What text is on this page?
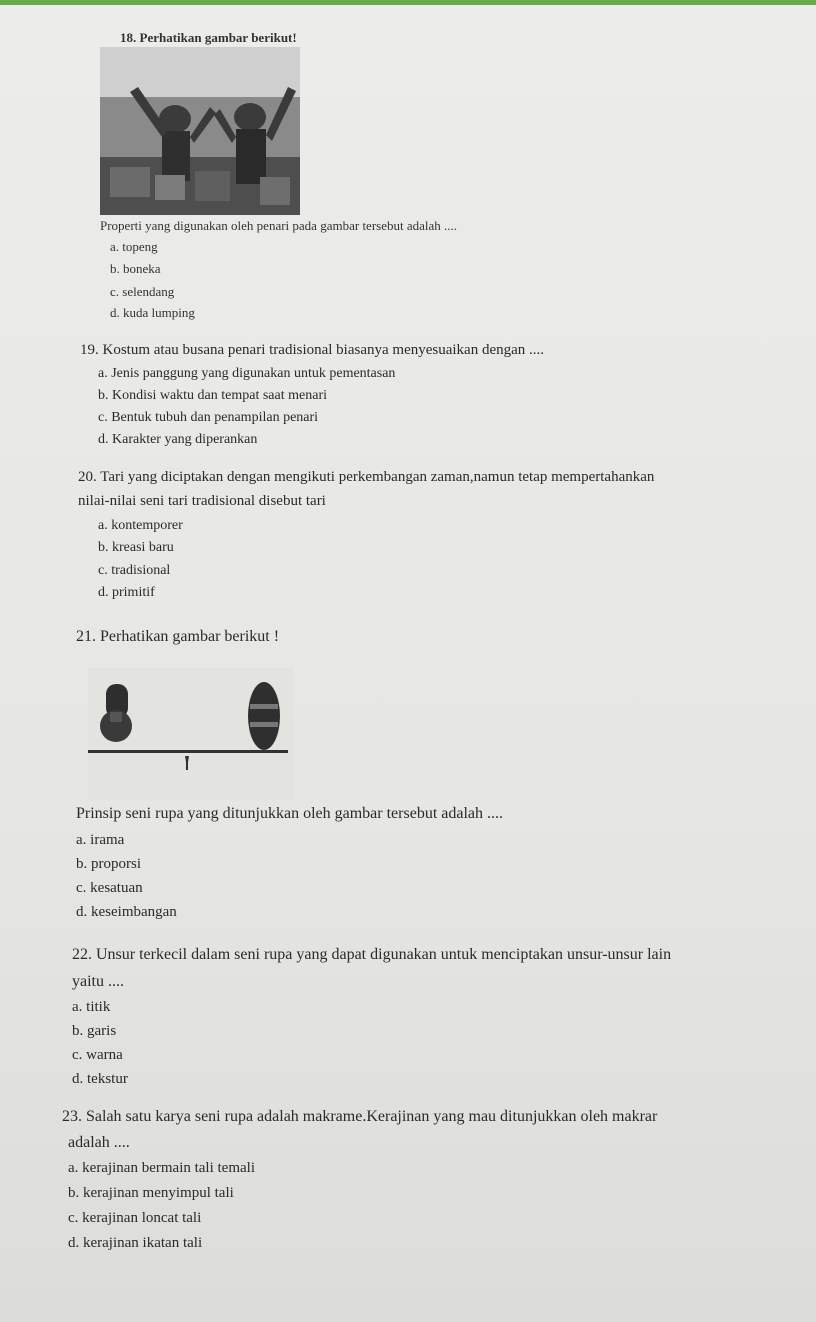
18. Perhatikan gambar berikut!
Properti yang digunakan oleh penari pada gambar tersebut adalah ....
a. topeng
b. boneka
c. selendang
d. kuda lumping
19. Kostum atau busana penari tradisional biasanya menyesuaikan dengan ....
a. Jenis panggung yang digunakan untuk pementasan
b. Kondisi waktu dan tempat saat menari
c. Bentuk tubuh dan penampilan penari
d. Karakter yang diperankan
20. Tari yang diciptakan dengan mengikuti perkembangan zaman,namun tetap mempertahankan
nilai-nilai seni tari tradisional disebut tari
a. kontemporer
b. kreasi baru
c. tradisional
d. primitif
21. Perhatikan gambar berikut !
Prinsip seni rupa yang ditunjukkan oleh gambar tersebut adalah ....
a. irama
b. proporsi
c. kesatuan
d. keseimbangan
22. Unsur terkecil dalam seni rupa yang dapat digunakan untuk menciptakan unsur-unsur lain
yaitu ....
a. titik
b. garis
c. warna
d. tekstur
23. Salah satu karya seni rupa adalah makrame.Kerajinan yang mau ditunjukkan oleh makrar
adalah ....
a. kerajinan bermain tali temali
b. kerajinan menyimpul tali
c. kerajinan loncat tali
d. kerajinan ikatan tali
